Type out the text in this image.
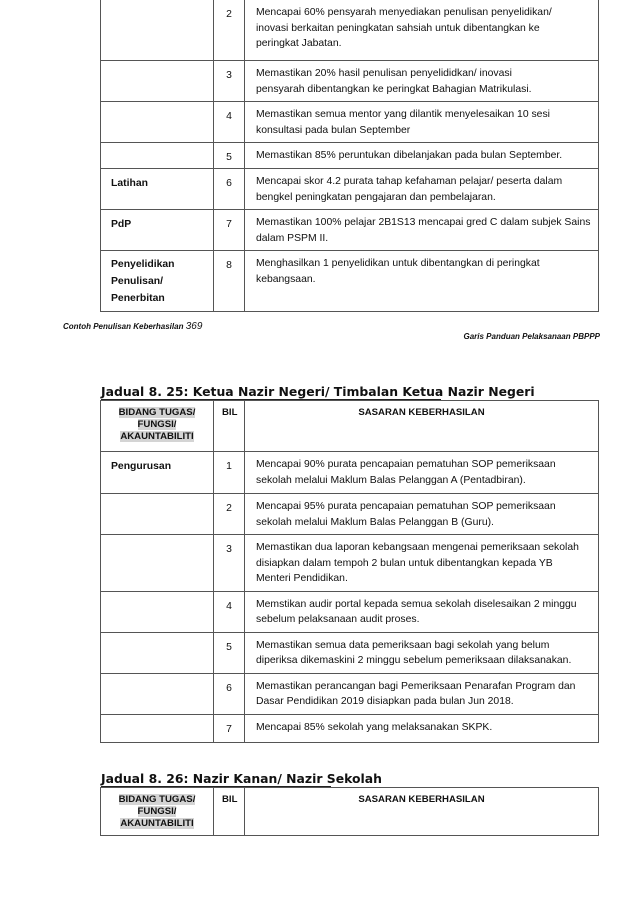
	2	Mencapai 60% pensyarah menyediakan penulisan penyelidikan/
inovasi berkaitan peningkatan sahsiah untuk dibentangkan ke
peringkat Jabatan.

	3	Memastikan 20% hasil penulisan penyelididkan/ inovasi
pensyarah dibentangkan ke peringkat Bahagian Matrikulasi.

	4	Memastikan semua mentor yang dilantik menyelesaikan 10 sesi
konsultasi pada bulan September

	5	Memastikan 85% peruntukan dibelanjakan pada bulan September.

Latihan	6	Mencapai skor 4.2 purata tahap kefahaman pelajar/ peserta dalam
bengkel peningkatan pengajaran dan pembelajaran.

PdP	7	Memastikan 100% pelajar 2B1S13 mencapai gred C dalam subjek Sains
dalam PSPM II.

Penyelidikan
Penulisan/ Penerbitan	8	Menghasilkan 1 penyelidikan untuk dibentangkan di peringkat kebangsaan.
Contoh Penulisan Keberhasilan 369
Garis Panduan Pelaksanaan PBPPP
Jadual 8. 25: Ketua Nazir Negeri/ Timbalan Ketua Nazir Negeri
BIDANG TUGAS/
FUNGSI/
AKAUNTABILITI	BIL	SASARAN KEBERHASILAN
Pengurusan	1	Mencapai 90% purata pencapaian pematuhan SOP pemeriksaan
sekolah melalui Maklum Balas Pelanggan A (Pentadbiran).

	2	Mencapai 95% purata pencapaian pematuhan SOP pemeriksaan
sekolah melalui Maklum Balas Pelanggan B (Guru).

	3	Memastikan dua laporan kebangsaan mengenai pemeriksaan sekolah
disiapkan dalam tempoh 2 bulan untuk dibentangkan kepada YB
Menteri Pendidikan.

	4	Memstikan audir portal kepada semua sekolah diselesaikan 2 minggu
sebelum pelaksanaan audit proses.

	5	Memastikan semua data pemeriksaan bagi sekolah yang belum
diperiksa dikemaskini 2 minggu sebelum pemeriksaan dilaksanakan.

	6	Memastikan perancangan bagi Pemeriksaan Penarafan Program dan
Dasar Pendidikan 2019 disiapkan pada bulan Jun 2018.

	7	Mencapai 85% sekolah yang melaksanakan SKPK.
Jadual 8. 26: Nazir Kanan/ Nazir Sekolah
BIDANG TUGAS/
FUNGSI/
AKAUNTABILITI	BIL	SASARAN KEBERHASILAN
